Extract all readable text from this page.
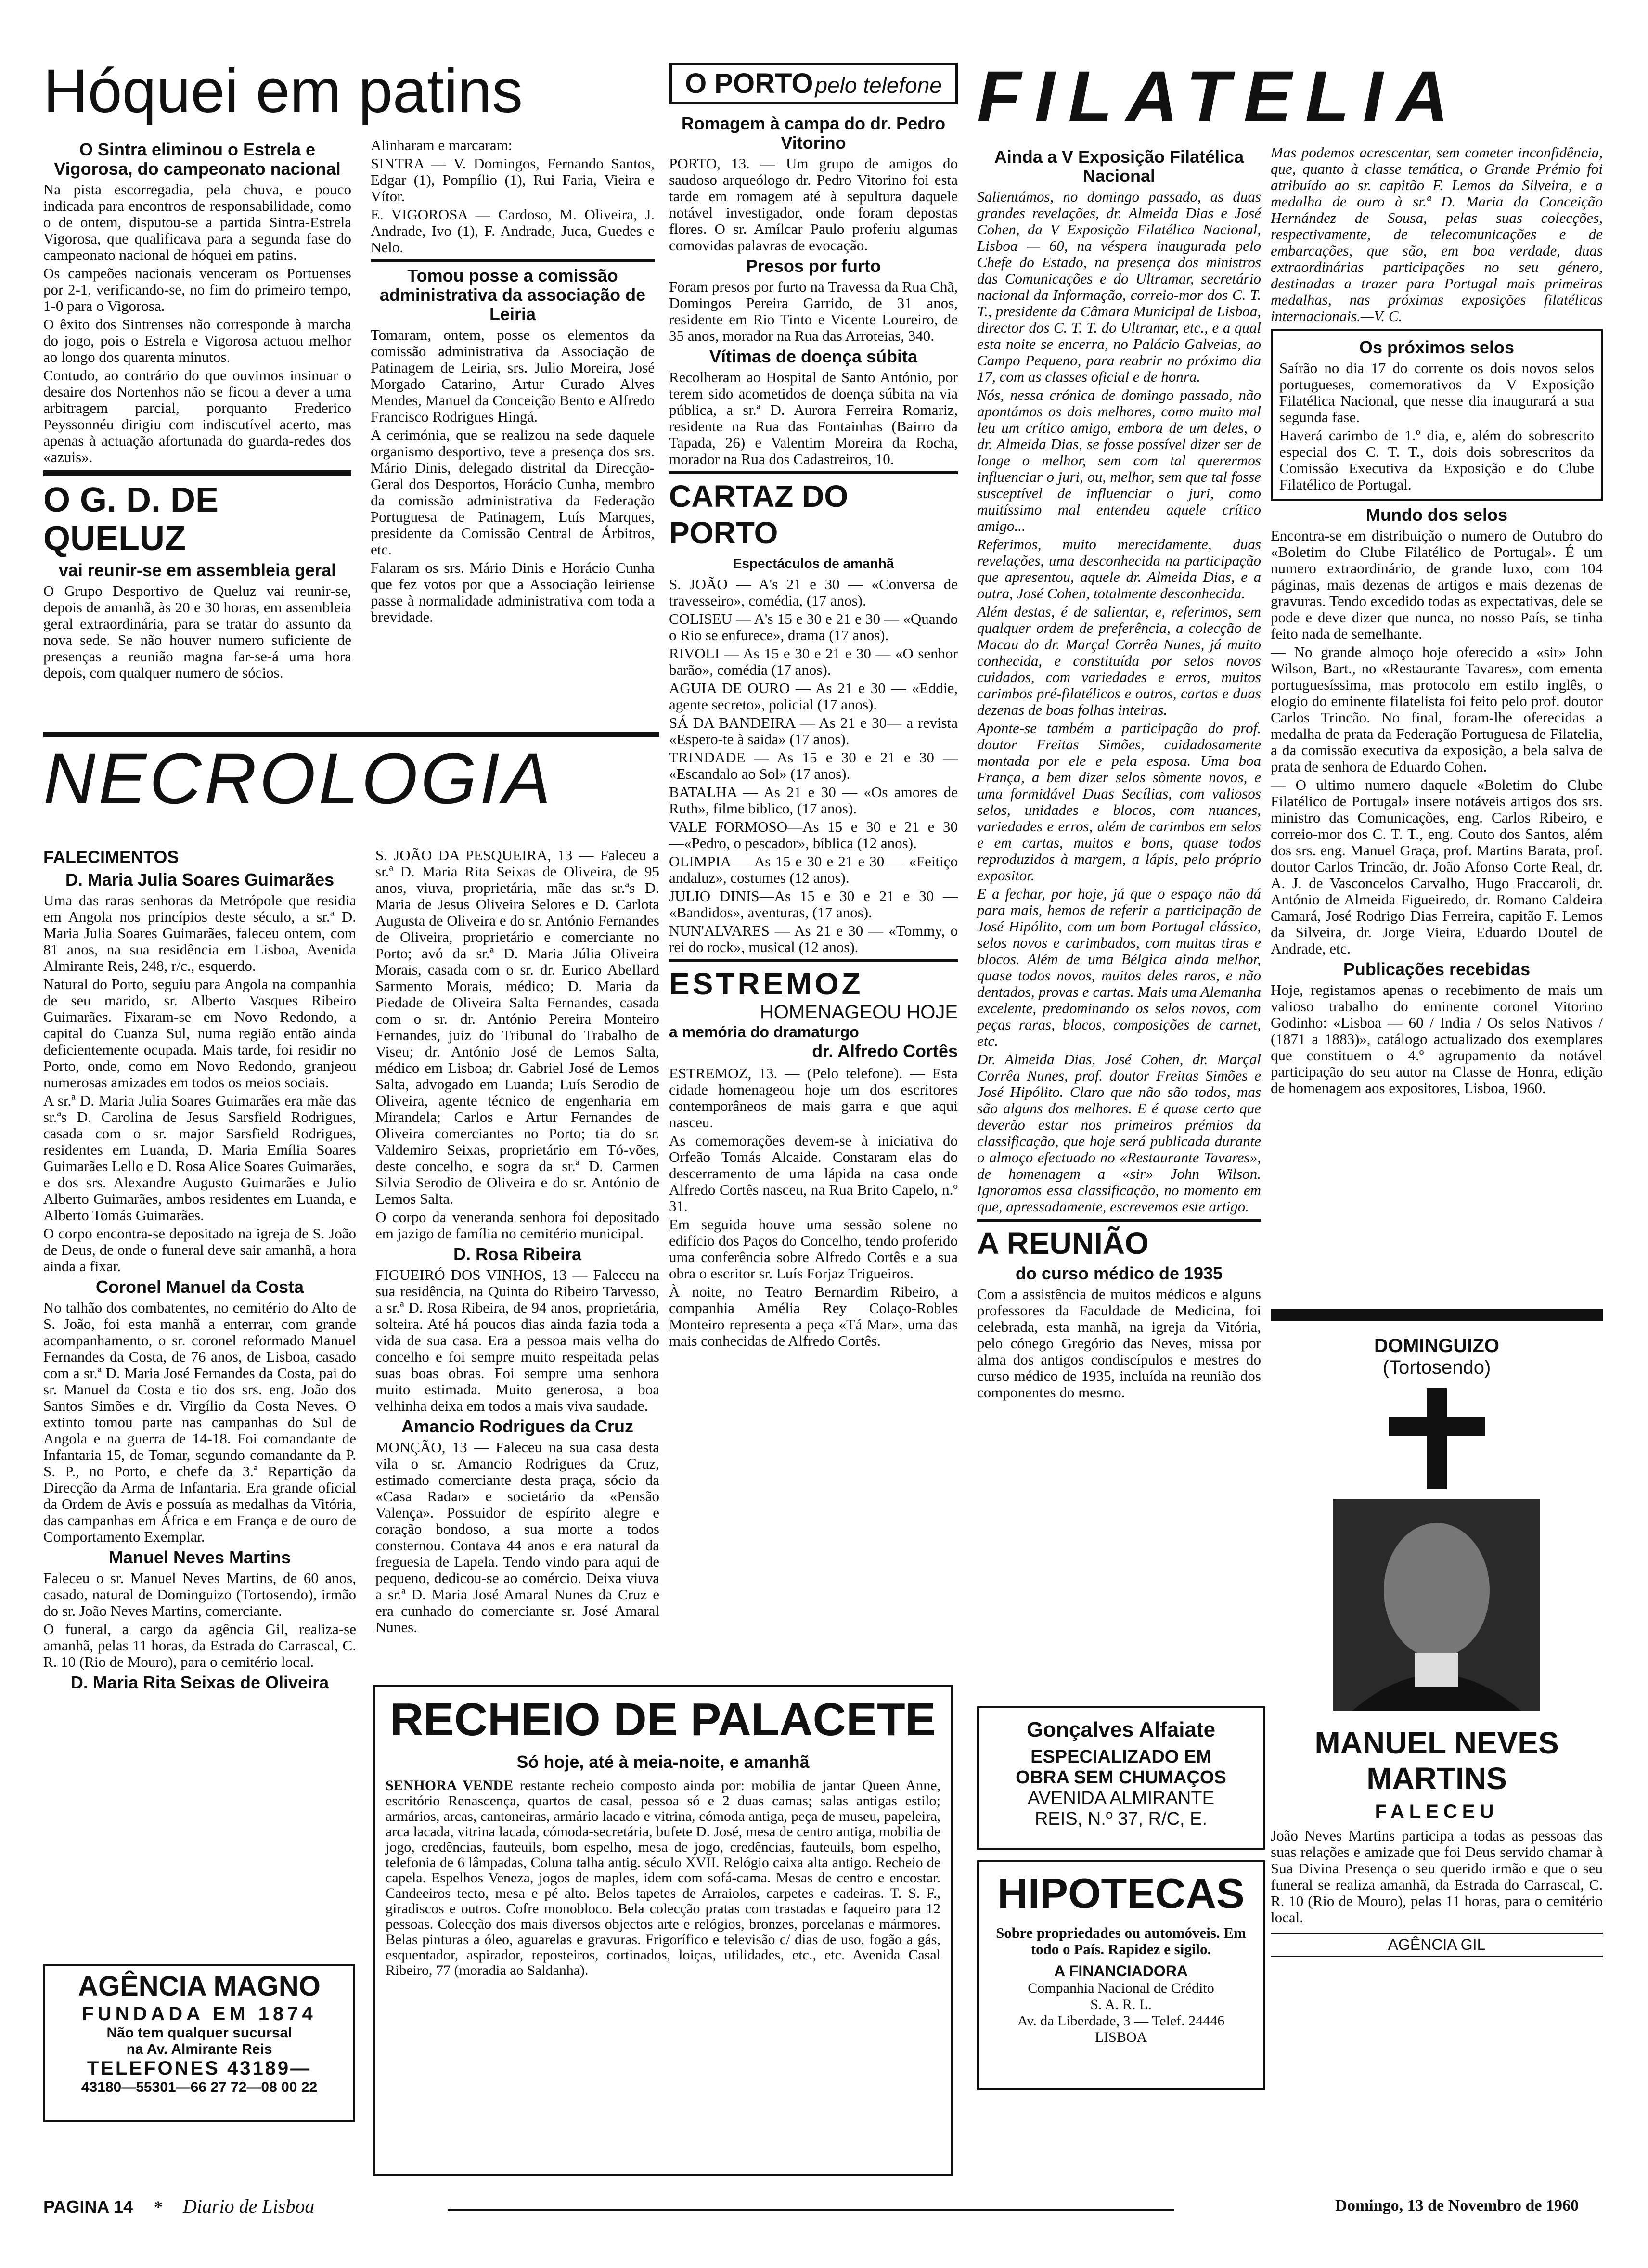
Hóquei em patins
O Sintra eliminou o Estrela e Vigorosa, do campeonato nacional

Na pista escorregadia, pela chuva, e pouco indicada para encontros de responsabilidade, como o de ontem, disputou-se a partida Sintra-Estrela Vigorosa, que qualificava para a segunda fase do campeonato nacional de hóquei em patins.

Os campeões nacionais venceram os Portuenses por 2-1, verificando-se, no fim do primeiro tempo, 1-0 para o Vigorosa.

O êxito dos Sintrenses não corresponde à marcha do jogo, pois o Estrela e Vigorosa actuou melhor ao longo dos quarenta minutos.

Contudo, ao contrário do que ouvimos insinuar o desaire dos Nortenhos não se ficou a dever a uma arbitragem parcial, porquanto Frederico Peyssonnéu dirigiu com indiscutível acerto, mas apenas à actuação afortunada do guarda-redes dos «azuis».

O G. D. DE QUELUZ
vai reunir-se em assembleia geral

O Grupo Desportivo de Queluz vai reunir-se, depois de amanhã, às 20 e 30 horas, em assembleia geral extraordinária, para se tratar do assunto da nova sede. Se não houver numero suficiente de presenças a reunião magna far-se-á uma hora depois, com qualquer numero de sócios.

Alinharam e marcaram:

SINTRA — V. Domingos, Fernando Santos, Edgar (1), Pompílio (1), Rui Faria, Vieira e Vítor.

E. VIGOROSA — Cardoso, M. Oliveira, J. Andrade, Ivo (1), F. Andrade, Juca, Guedes e Nelo.

Tomou posse a comissão administrativa da associação de Leiria

Tomaram, ontem, posse os elementos da comissão administrativa da Associação de Patinagem de Leiria, srs. Julio Moreira, José Morgado Catarino, Artur Curado Alves Mendes, Manuel da Conceição Bento e Alfredo Francisco Rodrigues Hingá.

A cerimónia, que se realizou na sede daquele organismo desportivo, teve a presença dos srs. Mário Dinis, delegado distrital da Direcção-Geral dos Desportos, Horácio Cunha, membro da comissão administrativa da Federação Portuguesa de Patinagem, Luís Marques, presidente da Comissão Central de Árbitros, etc.

Falaram os srs. Mário Dinis e Horácio Cunha que fez votos por que a Associação leiriense passe à normalidade administrativa com toda a brevidade.

NECROLOGIA
FALECIMENTOS
D. Maria Julia Soares Guimarães

Uma das raras senhoras da Metrópole que residia em Angola nos princípios deste século, a sr.ª D. Maria Julia Soares Guimarães, faleceu ontem, com 81 anos, na sua residência em Lisboa, Avenida Almirante Reis, 248, r/c., esquerdo.

Natural do Porto, seguiu para Angola na companhia de seu marido, sr. Alberto Vasques Ribeiro Guimarães. Fixaram-se em Novo Redondo, a capital do Cuanza Sul, numa região então ainda deficientemente ocupada. Mais tarde, foi residir no Porto, onde, como em Novo Redondo, granjeou numerosas amizades em todos os meios sociais.

A sr.ª D. Maria Julia Soares Guimarães era mãe das sr.ªs D. Carolina de Jesus Sarsfield Rodrigues, casada com o sr. major Sarsfield Rodrigues, residentes em Luanda, D. Maria Emília Soares Guimarães Lello e D. Rosa Alice Soares Guimarães, e dos srs. Alexandre Augusto Guimarães e Julio Alberto Guimarães, ambos residentes em Luanda, e Alberto Tomás Guimarães.

O corpo encontra-se depositado na igreja de S. João de Deus, de onde o funeral deve sair amanhã, a hora ainda a fixar.

Coronel Manuel da Costa

No talhão dos combatentes, no cemitério do Alto de S. João, foi esta manhã a enterrar, com grande acompanhamento, o sr. coronel reformado Manuel Fernandes da Costa, de 76 anos, de Lisboa, casado com a sr.ª D. Maria José Fernandes da Costa, pai do sr. Manuel da Costa e tio dos srs. eng. João dos Santos Simões e dr. Virgílio da Costa Neves. O extinto tomou parte nas campanhas do Sul de Angola e na guerra de 14-18. Foi comandante de Infantaria 15, de Tomar, segundo comandante da P. S. P., no Porto, e chefe da 3.ª Repartição da Direcção da Arma de Infantaria. Era grande oficial da Ordem de Avis e possuía as medalhas da Vitória, das campanhas em África e em França e de ouro de Comportamento Exemplar.

Manuel Neves Martins

Faleceu o sr. Manuel Neves Martins, de 60 anos, casado, natural de Dominguizo (Tortosendo), irmão do sr. João Neves Martins, comerciante.

O funeral, a cargo da agência Gil, realiza-se amanhã, pelas 11 horas, da Estrada do Carrascal, C. R. 10 (Rio de Mouro), para o cemitério local.

D. Maria Rita Seixas de Oliveira

S. JOÃO DA PESQUEIRA, 13 — Faleceu a sr.ª D. Maria Rita Seixas de Oliveira, de 95 anos, viuva, proprietária, mãe das sr.ªs D. Maria de Jesus Oliveira Selores e D. Carlota Augusta de Oliveira e do sr. António Fernandes de Oliveira, proprietário e comerciante no Porto; avó da sr.ª D. Maria Júlia Oliveira Morais, casada com o sr. dr. Eurico Abellard Sarmento Morais, médico; D. Maria da Piedade de Oliveira Salta Fernandes, casada com o sr. dr. António Pereira Monteiro Fernandes, juiz do Tribunal do Trabalho de Viseu; dr. António José de Lemos Salta, médico em Lisboa; dr. Gabriel José de Lemos Salta, advogado em Luanda; Luís Serodio de Oliveira, agente técnico de engenharia em Mirandela; Carlos e Artur Fernandes de Oliveira comerciantes no Porto; tia do sr. Valdemiro Seixas, proprietário em Tó-vões, deste concelho, e sogra da sr.ª D. Carmen Silvia Serodio de Oliveira e do sr. António de Lemos Salta.

O corpo da veneranda senhora foi depositado em jazigo de família no cemitério municipal.

D. Rosa Ribeira

FIGUEIRÓ DOS VINHOS, 13 — Faleceu na sua residência, na Quinta do Ribeiro Tarvesso, a sr.ª D. Rosa Ribeira, de 94 anos, proprietária, solteira. Até há poucos dias ainda fazia toda a vida de sua casa. Era a pessoa mais velha do concelho e foi sempre muito respeitada pelas suas boas obras. Foi sempre uma senhora muito estimada. Muito generosa, a boa velhinha deixa em todos a mais viva saudade.

Amancio Rodrigues da Cruz

MONÇÃO, 13 — Faleceu na sua casa desta vila o sr. Amancio Rodrigues da Cruz, estimado comerciante desta praça, sócio da «Casa Radar» e societário da «Pensão Valença». Possuidor de espírito alegre e coração bondoso, a sua morte a todos consternou. Contava 44 anos e era natural da freguesia de Lapela. Tendo vindo para aqui de pequeno, dedicou-se ao comércio. Deixa viuva a sr.ª D. Maria José Amaral Nunes da Cruz e era cunhado do comerciante sr. José Amaral Nunes.

AGÊNCIA MAGNO
FUNDADA EM 1874
Não tem qualquer sucursal
na Av. Almirante Reis
TELEFONES 43189—
43180—55301—66 27 72—08 00 22
O PORTO pelo telefone
Romagem à campa do dr. Pedro Vitorino

PORTO, 13. — Um grupo de amigos do saudoso arqueólogo dr. Pedro Vitorino foi esta tarde em romagem até à sepultura daquele notável investigador, onde foram depostas flores. O sr. Amílcar Paulo proferiu algumas comovidas palavras de evocação.

Presos por furto

Foram presos por furto na Travessa da Rua Chã, Domingos Pereira Garrido, de 31 anos, residente em Rio Tinto e Vicente Loureiro, de 35 anos, morador na Rua das Arroteias, 340.

Vítimas de doença súbita

Recolheram ao Hospital de Santo António, por terem sido acometidos de doença súbita na via pública, a sr.ª D. Aurora Ferreira Romariz, residente na Rua das Fontainhas (Bairro da Tapada, 26) e Valentim Moreira da Rocha, morador na Rua dos Cadastreiros, 10.

CARTAZ DO PORTO
Espectáculos de amanhã

S. JOÃO — A's 21 e 30 — «Conversa de travesseiro», comédia, (17 anos).

COLISEU — A's 15 e 30 e 21 e 30 — «Quando o Rio se enfurece», drama (17 anos).

RIVOLI — As 15 e 30 e 21 e 30 — «O senhor barão», comédia (17 anos).

AGUIA DE OURO — As 21 e 30 — «Eddie, agente secreto», policial (17 anos).

SÁ DA BANDEIRA — As 21 e 30— a revista «Espero-te à saida» (17 anos).

TRINDADE — As 15 e 30 e 21 e 30 — «Escandalo ao Sol» (17 anos).

BATALHA — As 21 e 30 — «Os amores de Ruth», filme biblico, (17 anos).

VALE FORMOSO—As 15 e 30 e 21 e 30—«Pedro, o pescador», bíblica (12 anos).

OLIMPIA — As 15 e 30 e 21 e 30 — «Feitiço andaluz», costumes (12 anos).

JULIO DINIS—As 15 e 30 e 21 e 30 — «Bandidos», aventuras, (17 anos).

NUN'ALVARES — As 21 e 30 — «Tommy, o rei do rock», musical (12 anos).

ESTREMOZ
HOMENAGEOU HOJE
a memória do dramaturgo
dr. Alfredo Cortês

ESTREMOZ, 13. — (Pelo telefone). — Esta cidade homenageou hoje um dos escritores contemporâneos de mais garra e que aqui nasceu.

As comemorações devem-se à iniciativa do Orfeão Tomás Alcaide. Constaram elas do descerramento de uma lápida na casa onde Alfredo Cortês nasceu, na Rua Brito Capelo, n.º 31.

Em seguida houve uma sessão solene no edifício dos Paços do Concelho, tendo proferido uma conferência sobre Alfredo Cortês e a sua obra o escritor sr. Luís Forjaz Trigueiros.

À noite, no Teatro Bernardim Ribeiro, a companhia Amélia Rey Colaço-Robles Monteiro representa a peça «Tá Mar», uma das mais conhecidas de Alfredo Cortês.

FILATELIA
Ainda a V Exposição Filatélica Nacional

Salientámos, no domingo passado, as duas grandes revelações, dr. Almeida Dias e José Cohen, da V Exposição Filatélica Nacional, Lisboa — 60, na véspera inaugurada pelo Chefe do Estado, na presença dos ministros das Comunicações e do Ultramar, secretário nacional da Informação, correio-mor dos C. T. T., presidente da Câmara Municipal de Lisboa, director dos C. T. T. do Ultramar, etc., e a qual esta noite se encerra, no Palácio Galveias, ao Campo Pequeno, para reabrir no próximo dia 17, com as classes oficial e de honra.

Nós, nessa crónica de domingo passado, não apontámos os dois melhores, como muito mal leu um crítico amigo, embora de um deles, o dr. Almeida Dias, se fosse possível dizer ser de longe o melhor, sem com tal querermos influenciar o juri, ou, melhor, sem que tal fosse susceptível de influenciar o juri, como muitíssimo mal entendeu aquele crítico amigo...

Referimos, muito merecidamente, duas revelações, uma desconhecida na participação que apresentou, aquele dr. Almeida Dias, e a outra, José Cohen, totalmente desconhecida.

Além destas, é de salientar, e, referimos, sem qualquer ordem de preferência, a colecção de Macau do dr. Marçal Corrêa Nunes, já muito conhecida, e constituída por selos novos cuidados, com variedades e erros, muitos carimbos pré-filatélicos e outros, cartas e duas dezenas de boas folhas inteiras.

Aponte-se também a participação do prof. doutor Freitas Simões, cuidadosamente montada por ele e pela esposa. Uma boa França, a bem dizer selos sòmente novos, e uma formidável Duas Secílias, com valiosos selos, unidades e blocos, com nuances, variedades e erros, além de carimbos em selos e em cartas, muitos e bons, quase todos reproduzidos à margem, a lápis, pelo próprio expositor.

E a fechar, por hoje, já que o espaço não dá para mais, hemos de referir a participação de José Hipólito, com um bom Portugal clássico, selos novos e carimbados, com muitas tiras e blocos. Além de uma Bélgica ainda melhor, quase todos novos, muitos deles raros, e não dentados, provas e cartas. Mais uma Alemanha excelente, predominando os selos novos, com peças raras, blocos, composições de carnet, etc.

Dr. Almeida Dias, José Cohen, dr. Marçal Corrêa Nunes, prof. doutor Freitas Simões e José Hipólito. Claro que não são todos, mas são alguns dos melhores. E é quase certo que deverão estar nos primeiros prémios da classificação, que hoje será publicada durante o almoço efectuado no «Restaurante Tavares», de homenagem a «sir» John Wilson. Ignoramos essa classificação, no momento em que, apressadamente, escrevemos este artigo.

A REUNIÃO
do curso médico de 1935

Com a assistência de muitos médicos e alguns professores da Faculdade de Medicina, foi celebrada, esta manhã, na igreja da Vitória, pelo cónego Gregório das Neves, missa por alma dos antigos condiscípulos e mestres do curso médico de 1935, incluída na reunião dos componentes do mesmo.

Mas podemos acrescentar, sem cometer inconfidência, que, quanto à classe temática, o Grande Prémio foi atribuído ao sr. capitão F. Lemos da Silveira, e a medalha de ouro à sr.ª D. Maria da Conceição Hernández de Sousa, pelas suas colecções, respectivamente, de telecomunicações e de embarcações, que são, em boa verdade, duas extraordinárias participações no seu género, destinadas a trazer para Portugal mais primeiras medalhas, nas próximas exposições filatélicas internacionais.—V. C.

Os próximos selos

Saírão no dia 17 do corrente os dois novos selos portugueses, comemorativos da V Exposição Filatélica Nacional, que nesse dia inaugurará a sua segunda fase.

Haverá carimbo de 1.º dia, e, além do sobrescrito especial dos C. T. T., dois dois sobrescritos da Comissão Executiva da Exposição e do Clube Filatélico de Portugal.

Mundo dos selos

Encontra-se em distribuição o numero de Outubro do «Boletim do Clube Filatélico de Portugal». É um numero extraordinário, de grande luxo, com 104 páginas, mais dezenas de artigos e mais dezenas de gravuras. Tendo excedido todas as expectativas, dele se pode e deve dizer que nunca, no nosso País, se tinha feito nada de semelhante.

— No grande almoço hoje oferecido a «sir» John Wilson, Bart., no «Restaurante Tavares», com ementa portuguesíssima, mas protocolo em estilo inglês, o elogio do eminente filatelista foi feito pelo prof. doutor Carlos Trincão. No final, foram-lhe oferecidas a medalha de prata da Federação Portuguesa de Filatelia, a da comissão executiva da exposição, a bela salva de prata de senhora de Eduardo Cohen.

— O ultimo numero daquele «Boletim do Clube Filatélico de Portugal» insere notáveis artigos dos srs. ministro das Comunicações, eng. Carlos Ribeiro, e correio-mor dos C. T. T., eng. Couto dos Santos, além dos srs. eng. Manuel Graça, prof. Martins Barata, prof. doutor Carlos Trincão, dr. João Afonso Corte Real, dr. A. J. de Vasconcelos Carvalho, Hugo Fraccaroli, dr. António de Almeida Figueiredo, dr. Romano Caldeira Camará, José Rodrigo Dias Ferreira, capitão F. Lemos da Silveira, dr. Jorge Vieira, Eduardo Doutel de Andrade, etc.

Publicações recebidas

Hoje, registamos apenas o recebimento de mais um valioso trabalho do eminente coronel Vitorino Godinho: «Lisboa — 60 / India / Os selos Nativos / (1871 a 1883)», catálogo actualizado dos exemplares que constituem o 4.º agrupamento da notável participação do seu autor na Classe de Honra, edição de homenagem aos expositores, Lisboa, 1960.

RECHEIO DE PALACETE
Só hoje, até à meia-noite, e amanhã

SENHORA VENDE restante recheio composto ainda por: mobilia de jantar Queen Anne, escritório Renascença, quartos de casal, pessoa só e 2 duas camas; salas antigas estilo; armários, arcas, cantoneiras, armário lacado e vitrina, cómoda antiga, peça de museu, papeleira, arca lacada, vitrina lacada, cómoda-secretária, bufete D. José, mesa de centro antiga, mobilia de jogo, credências, fauteuils, bom espelho, mesa de jogo, credências, fauteuils, bom espelho, telefonia de 6 lâmpadas, Coluna talha antig. século XVII. Relógio caixa alta antigo. Recheio de capela. Espelhos Veneza, jogos de maples, idem com sofá-cama. Mesas de centro e encostar. Candeeiros tecto, mesa e pé alto. Belos tapetes de Arraiolos, carpetes e cadeiras. T. S. F., giradiscos e outros. Cofre monobloco. Bela colecção pratas com trastadas e faqueiro para 12 pessoas. Colecção dos mais diversos objectos arte e relógios, bronzes, porcelanas e mármores. Belas pinturas a óleo, aguarelas e gravuras. Frigorífico e televisão c/ dias de uso, fogão a gás, esquentador, aspirador, reposteiros, cortinados, loiças, utilidades, etc., etc. Avenida Casal Ribeiro, 77 (moradia ao Saldanha).

Gonçalves Alfaiate
ESPECIALIZADO EM
OBRA SEM CHUMAÇOS
AVENIDA ALMIRANTE
REIS, N.º 37, R/C, E.
HIPOTECAS

Sobre propriedades ou automóveis. Em todo o País. Rapidez e sigilo.

A FINANCIADORA
Companhia Nacional de Crédito
S. A. R. L.
Av. da Liberdade, 3 — Telef. 24446
LISBOA
DOMINGUIZO
(Tortosendo)
MANUEL NEVES
MARTINS
FALECEU

João Neves Martins participa a todas as pessoas das suas relações e amizade que foi Deus servido chamar à Sua Divina Presença o seu querido irmão e que o seu funeral se realiza amanhã, da Estrada do Carrascal, C. R. 10 (Rio de Mouro), pelas 11 horas, para o cemitério local.

AGÊNCIA GIL
PAGINA 14 * Diario de Lisboa	Domingo, 13 de Novembro de 1960
